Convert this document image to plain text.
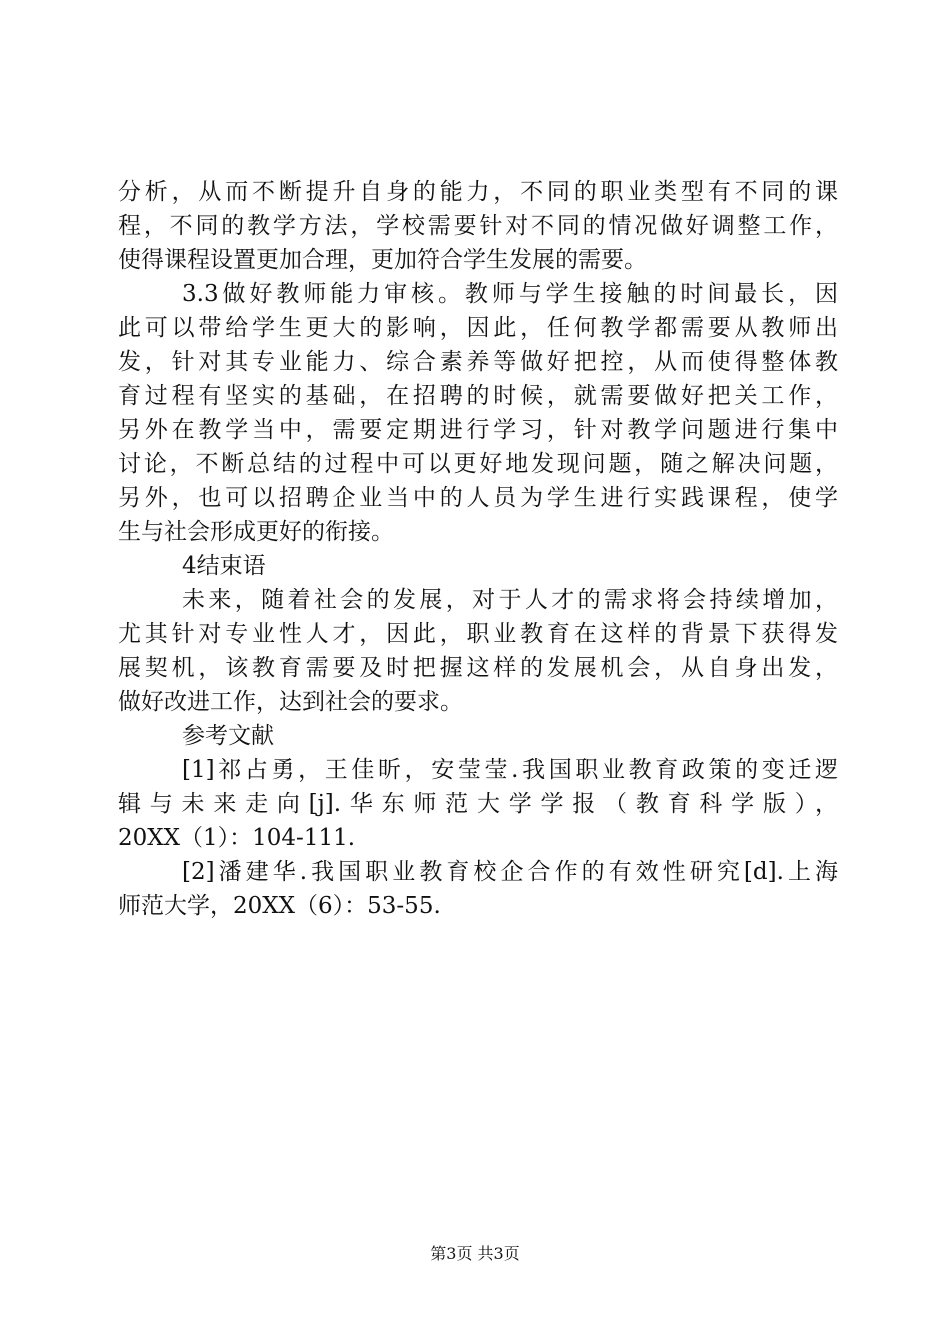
分析，从而不断提升自身的能力，不同的职业类型有不同的课
程，不同的教学方法，学校需要针对不同的情况做好调整工作，
使得课程设置更加合理，更加符合学生发展的需要。
3.3做好教师能力审核。教师与学生接触的时间最长，因
此可以带给学生更大的影响，因此，任何教学都需要从教师出
发，针对其专业能力、综合素养等做好把控，从而使得整体教
育过程有坚实的基础，在招聘的时候，就需要做好把关工作，
另外在教学当中，需要定期进行学习，针对教学问题进行集中
讨论，不断总结的过程中可以更好地发现问题，随之解决问题，
另外，也可以招聘企业当中的人员为学生进行实践课程，使学
生与社会形成更好的衔接。
4结束语
未来，随着社会的发展，对于人才的需求将会持续增加，
尤其针对专业性人才，因此，职业教育在这样的背景下获得发
展契机，该教育需要及时把握这样的发展机会，从自身出发，
做好改进工作，达到社会的要求。
参考文献
[1]祁占勇，王佳昕，安莹莹.我国职业教育政策的变迁逻
辑与未来走向[j].华东师范大学学报（教育科学版），
20XX（1）：104-111.
[2]潘建华.我国职业教育校企合作的有效性研究[d].上海
师范大学，20XX（6）：53-55.
第3页 共3页
